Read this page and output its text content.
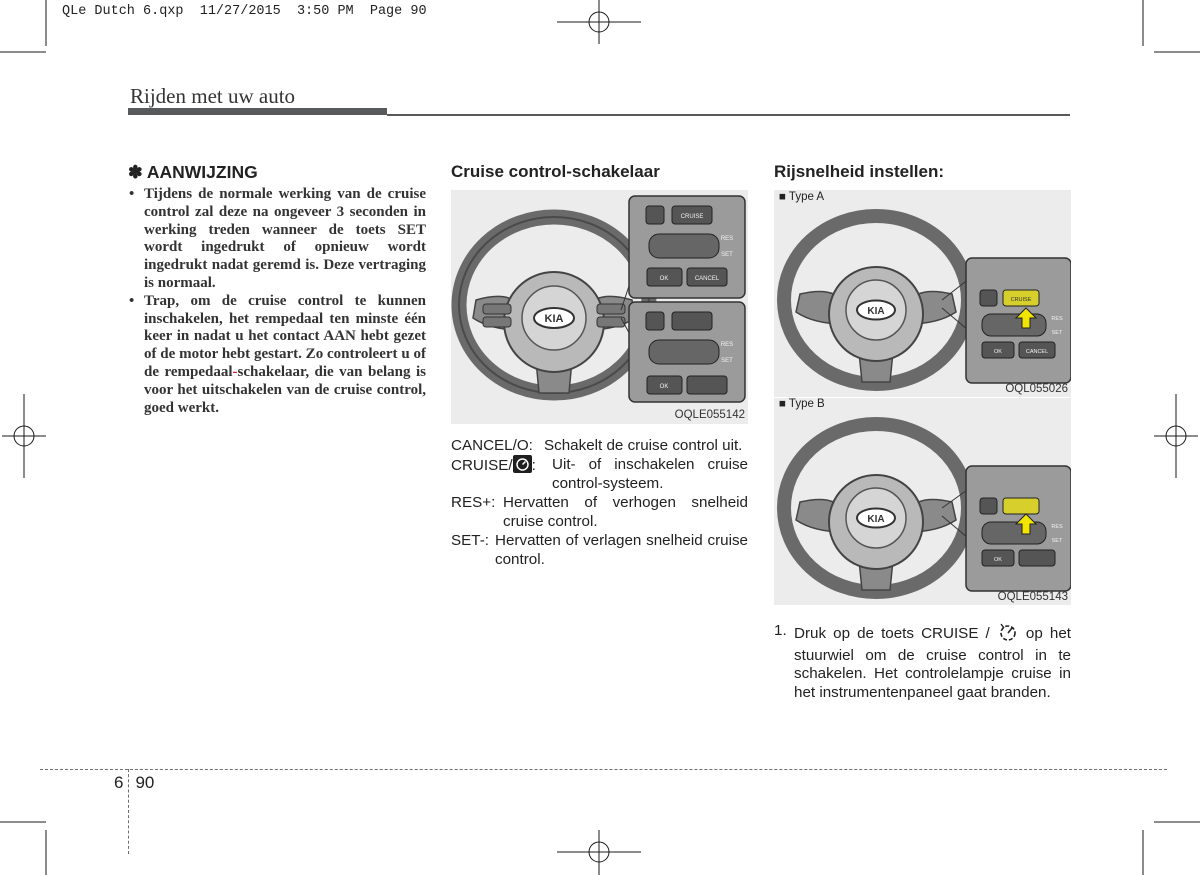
QLe Dutch 6.qxp  11/27/2015  3:50 PM  Page 90
Rijden met uw auto
✽ AANWIJZING
• Tijdens de normale werking van de cruise control zal deze na ongeveer 3 seconden in werking treden wanneer de toets SET wordt ingedrukt of opnieuw wordt ingedrukt nadat geremd is. Deze vertraging is normaal.
• Trap, om de cruise control te kunnen inschakelen, het rempedaal ten minste één keer in nadat u het contact AAN hebt gezet of de motor hebt gestart. Zo controleert u of de rempedaal-schakelaar, die van belang is voor het uitschakelen van de cruise control, goed werkt.
Cruise control-schakelaar
CRUISE
OK	CANCEL
RES
SET
OK
RES
SET
KIA
OQLE055142
CANCEL/O: Schakelt de cruise control uit.
CRUISE/ : Uit- of inschakelen cruise control-systeem.
RES+: Hervatten of verhogen snelheid cruise control.
SET-: Hervatten of verlagen snelheid cruise control.
Rijsnelheid instellen:
■ Type A
KIA
CRUISE
OK	CANCEL
RES
SET
OQL055026
■ Type B
KIA
OK
RES
SET
OQLE055143
1. Druk op de toets CRUISE / op het stuurwiel om de cruise control in te schakelen. Het controlelampje cruise in het instrumentenpaneel gaat branden.
6 90
